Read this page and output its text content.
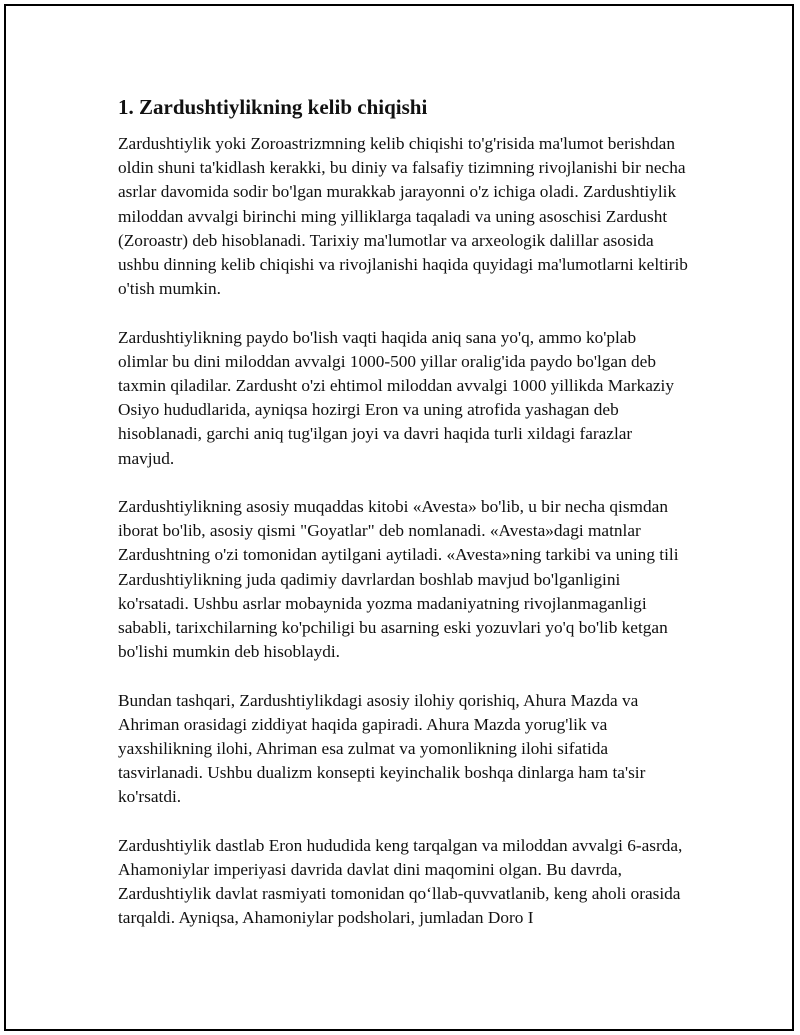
1. Zardushtiylikning kelib chiqishi

Zardushtiylik yoki Zoroastrizmning kelib chiqishi to'g'risida ma'lumot berishdan oldin shuni ta'kidlash kerakki, bu diniy va falsafiy tizimning rivojlanishi bir necha asrlar davomida sodir bo'lgan murakkab jarayonni o'z ichiga oladi. Zardushtiylik miloddan avvalgi birinchi ming yilliklarga taqaladi va uning asoschisi Zardusht (Zoroastr) deb hisoblanadi. Tarixiy ma'lumotlar va arxeologik dalillar asosida ushbu dinning kelib chiqishi va rivojlanishi haqida quyidagi ma'lumotlarni keltirib o'tish mumkin.

Zardushtiylikning paydo bo'lish vaqti haqida aniq sana yo'q, ammo ko'plab olimlar bu dini miloddan avvalgi 1000-500 yillar oralig'ida paydo bo'lgan deb taxmin qiladilar. Zardusht o'zi ehtimol miloddan avvalgi 1000 yillikda Markaziy Osiyo hududlarida, ayniqsa hozirgi Eron va uning atrofida yashagan deb hisoblanadi, garchi aniq tug'ilgan joyi va davri haqida turli xildagi farazlar mavjud.

Zardushtiylikning asosiy muqaddas kitobi «Avesta» bo'lib, u bir necha qismdan iborat bo'lib, asosiy qismi "Goyatlar" deb nomlanadi. «Avesta»dagi matnlar Zardushtning o'zi tomonidan aytilgani aytiladi. «Avesta»ning tarkibi va uning tili Zardushtiylikning juda qadimiy davrlardan boshlab mavjud bo'lganligini ko'rsatadi. Ushbu asrlar mobaynida yozma madaniyatning rivojlanmaganligi sababli, tarixchilarning ko'pchiligi bu asarning eski yozuvlari yo'q bo'lib ketgan bo'lishi mumkin deb hisoblaydi.

Bundan tashqari, Zardushtiylikdagi asosiy ilohiy qorishiq, Ahura Mazda va Ahriman orasidagi ziddiyat haqida gapiradi. Ahura Mazda yorug'lik va yaxshilikning ilohi, Ahriman esa zulmat va yomonlikning ilohi sifatida tasvirlanadi. Ushbu dualizm konsepti keyinchalik boshqa dinlarga ham ta'sir ko'rsatdi.

Zardushtiylik dastlab Eron hududida keng tarqalgan va miloddan avvalgi 6-asrda, Ahamoniylar imperiyasi davrida davlat dini maqomini olgan. Bu davrda, Zardushtiylik davlat rasmiyati tomonidan qo‘llab-quvvatlanib, keng aholi orasida tarqaldi. Ayniqsa, Ahamoniylar podsholari, jumladan Doro I
